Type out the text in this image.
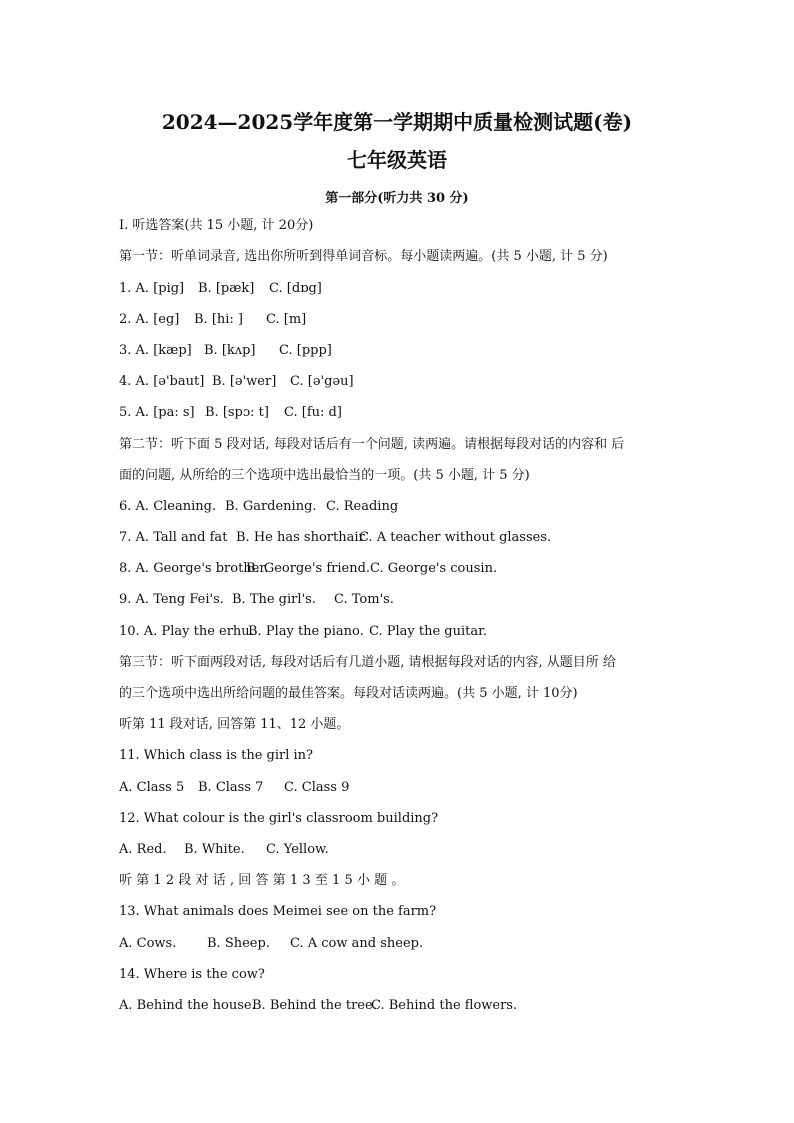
2024—2025学年度第一学期期中质量检测试题(卷)
七年级英语
第一部分(听力共 30 分)
I. 听选答案(共 15 小题, 计 20分)
第一节：听单词录音, 选出你所听到得单词音标。每小题读两遍。(共 5 小题, 计 5 分)
1. A. [pig] B. [pæk] C. [dɒg]
2. A. [eg] B. [hi: ] C. [m]
3. A. [kæp] B. [kʌp] C. [ppp]
4. A. [ə'baut] B. [ə'wer] C. [ə'gəu]
5. A. [pa: s] B. [spɔ: t] C. [fu: d]
第二节：听下面 5 段对话, 每段对话后有一个问题, 读两遍。请根据每段对话的内容和 后
面的问题, 从所给的三个选项中选出最恰当的一项。(共 5 小题, 计 5 分)
6. A. Cleaning. B. Gardening. C. Reading
7. A. Tall and fat B. He has shorthair
C. A teacher without glasses.
8. A. George's brother.
B. George's friend. C. George's cousin.
9. A. Teng Fei's. B. The girl's. C. Tom's.
10. A. Play the erhu.
B. Play the piano. C. Play the guitar.
第三节：听下面两段对话, 每段对话后有几道小题, 请根据每段对话的内容, 从题目所 给
的三个选项中选出所给问题的最佳答案。每段对话读两遍。(共 5 小题, 计 10分)
听第 11 段对话, 回答第 11、12 小题。
11. Which class is the girl in?
A. Class 5 B. Class 7 C. Class 9
12. What colour is the girl's classroom building?
A. Red. B. White. C. Yellow.
听第12段对话,回答第13至15小题。
13. What animals does Meimei see on the farm?
A. Cows. B. Sheep. C. A cow and sheep.
14. Where is the cow?
A. Behind the house.
B. Behind the tree.
C. Behind the flowers.
